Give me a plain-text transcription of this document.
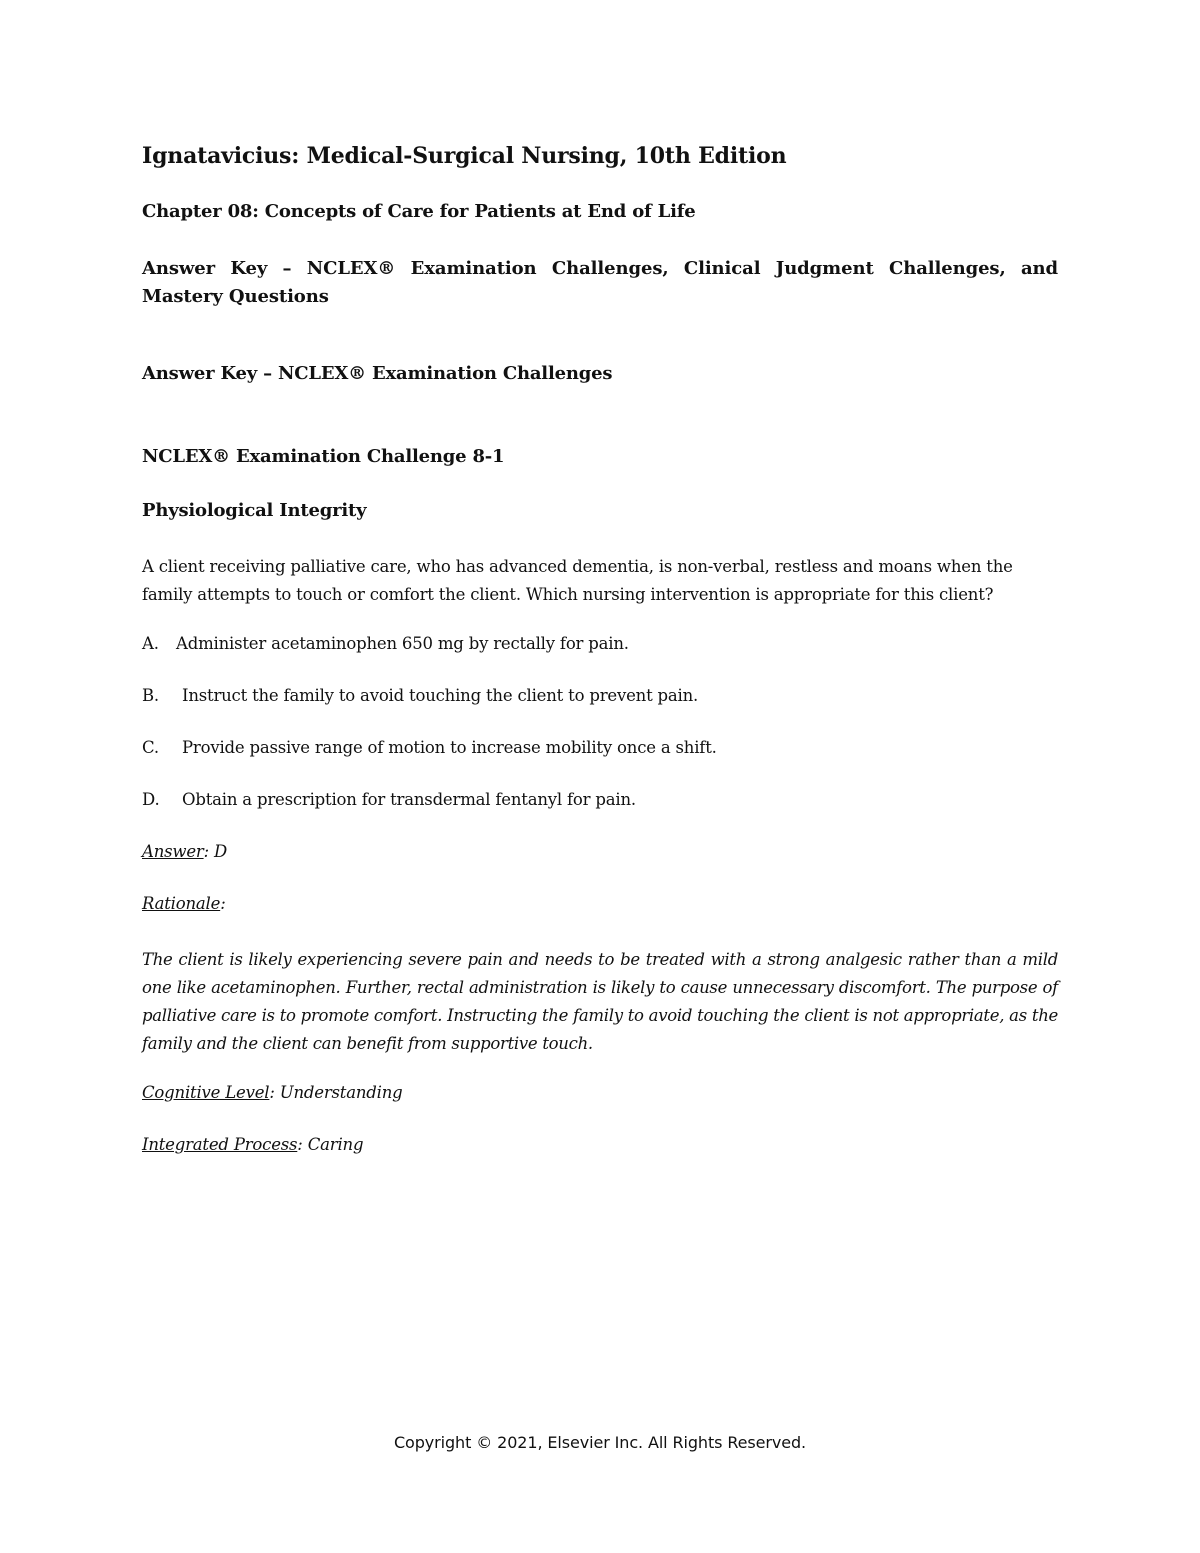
Ignatavicius: Medical-Surgical Nursing, 10th Edition
Chapter 08: Concepts of Care for Patients at End of Life
Answer Key – NCLEX® Examination Challenges, Clinical Judgment Challenges, and Mastery Questions
Answer Key – NCLEX® Examination Challenges
NCLEX® Examination Challenge 8-1
Physiological Integrity

A client receiving palliative care, who has advanced dementia, is non-verbal, restless and moans when the family attempts to touch or comfort the client. Which nursing intervention is appropriate for this client?

A. Administer acetaminophen 650 mg by rectally for pain.
B. Instruct the family to avoid touching the client to prevent pain.
C. Provide passive range of motion to increase mobility once a shift.
D. Obtain a prescription for transdermal fentanyl for pain.
Answer: D
Rationale:

The client is likely experiencing severe pain and needs to be treated with a strong analgesic rather than a mild one like acetaminophen. Further, rectal administration is likely to cause unnecessary discomfort. The purpose of palliative care is to promote comfort. Instructing the family to avoid touching the client is not appropriate, as the family and the client can benefit from supportive touch.

Cognitive Level: Understanding
Integrated Process: Caring
Copyright © 2021, Elsevier Inc. All Rights Reserved.
